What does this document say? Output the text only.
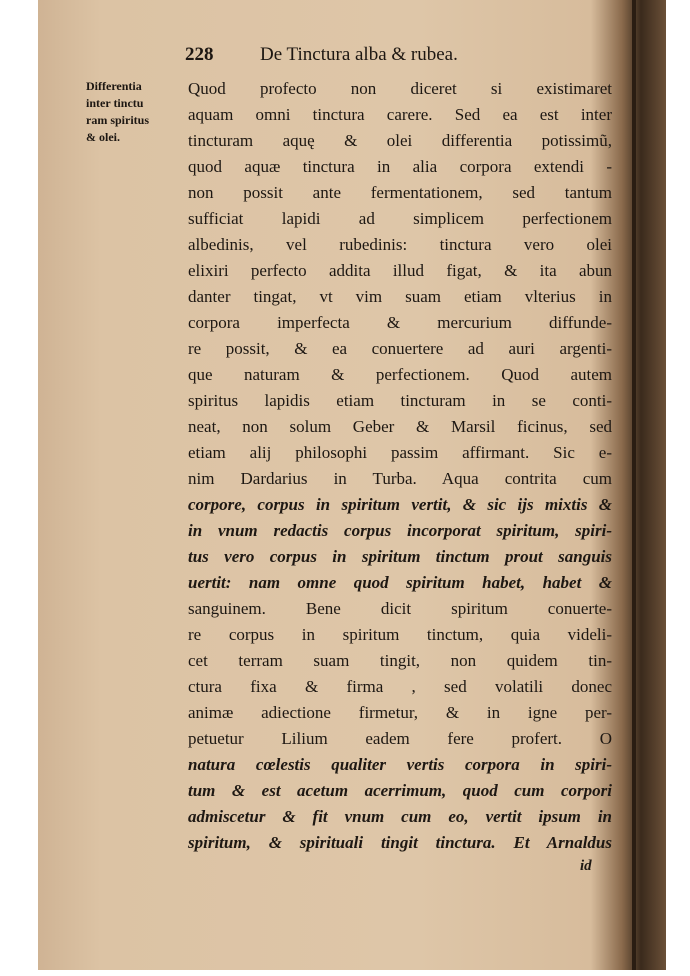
228 De Tinctura alba & rubea.
Differentia
inter tinctu
ram spiritus
& olei.
Quod profecto non diceret si existimaret
aquam omni tinctura carere. Sed ea est inter
tincturam aquę & olei differentia potissimũ,
quod aquæ tinctura in alia corpora extendi -
non possit ante fermentationem, sed tantum
sufficiat lapidi ad simplicem perfectionem
albedinis, vel rubedinis: tinctura vero olei
elixiri perfecto addita illud figat, & ita abun
danter tingat, vt vim suam etiam vlterius in
corpora imperfecta & mercurium diffunde-
re possit, & ea conuertere ad auri argenti-
que naturam & perfectionem. Quod autem
spiritus lapidis etiam tincturam in se conti-
neat, non solum Geber & Marsil ficinus, sed
etiam alij philosophi passim affirmant. Sic e-
nim Dardarius in Turba. Aqua contrita cum
corpore, corpus in spiritum vertit, & sic ijs mixtis &
in vnum redactis corpus incorporat spiritum, spiri-
tus vero corpus in spiritum tinctum prout sanguis
uertit: nam omne quod spiritum habet, habet &
sanguinem. Bene dicit spiritum conuerte-
re corpus in spiritum tinctum, quia videli-
cet terram suam tingit, non quidem tin-
ctura fixa & firma , sed volatili donec
animæ adiectione firmetur, & in igne per-
petuetur Lilium eadem fere profert. O
natura cœlestis qualiter vertis corpora in spiri-
tum & est acetum acerrimum, quod cum corpori
admiscetur & fit vnum cum eo, vertit ipsum in
spiritum, & spirituali tingit tinctura. Et Arnaldus
id
